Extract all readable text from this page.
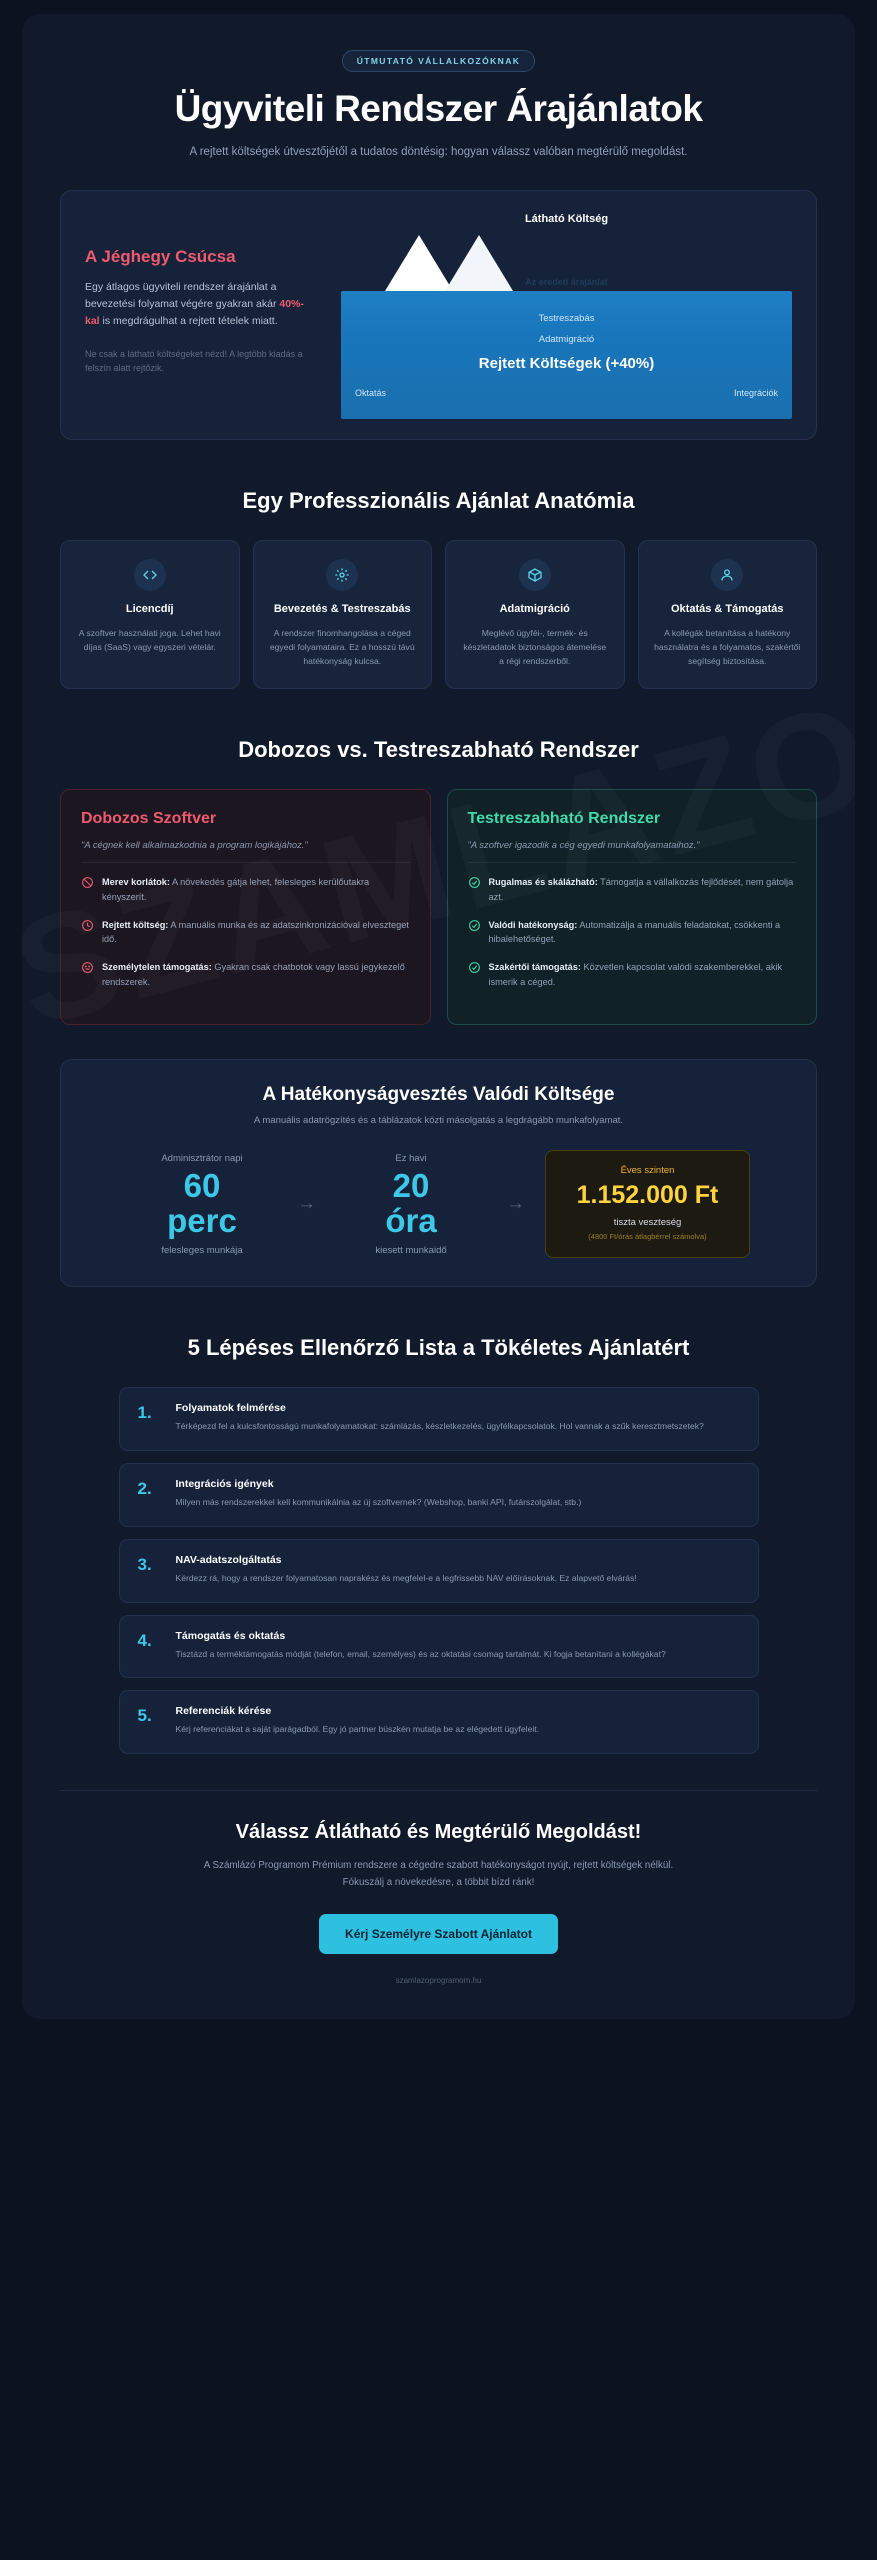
ÚTMUTATÓ VÁLLALKOZÓKNAK
Ügyviteli Rendszer Árajánlatok

A rejtett költségek útvesztőjétől a tudatos döntésig: hogyan válassz valóban megtérülő megoldást.

A Jéghegy Csúcsa

Egy átlagos ügyviteli rendszer árajánlat a bevezetési folyamat végére gyakran akár 40%-kal is megdrágulhat a rejtett tételek miatt.

Ne csak a látható költségeket nézd! A legtöbb kiadás a felszín alatt rejtőzik.

Látható Költség
Az eredeti árajánlat
Testreszabás
Adatmigráció
Rejtett Költségek (+40%)
Oktatás	Integrációk
Egy Professzionális Ajánlat Anatómia
Licencdíj

A szoftver használati joga. Lehet havi díjas (SaaS) vagy egyszeri vételár.

Bevezetés & Testreszabás

A rendszer finomhangolása a céged egyedi folyamataira. Ez a hosszú távú hatékonyság kulcsa.

Adatmigráció

Meglévő ügyféi-, termék- és készletadatok biztonságos átemelése a régi rendszerből.

Oktatás & Támogatás

A kollégák betanítása a hatékony használatra és a folyamatos, szakértői segítség biztosítása.

Dobozos vs. Testreszabható Rendszer
Dobozos Szoftver
"A cégnek kell alkalmazkodnia a program logikájához."
Merev korlátok: A növekedés gátja lehet, felesleges kerülőutakra kényszerít.
Rejtett költség: A manuális munka és az adatszinkronizációval elveszteget idő.
Személytelen támogatás: Gyakran csak chatbotok vagy lassú jegykezelő rendszerek.
Testreszabható Rendszer
"A szoftver igazodik a cég egyedi munkafolyamataihoz."
Rugalmas és skálázható: Támogatja a vállalkozás fejlődését, nem gátolja azt.
Valódi hatékonyság: Automatizálja a manuális feladatokat, csökkenti a hibalehetőséget.
Szakértői támogatás: Közvetlen kapcsolat valódi szakemberekkel, akik ismerik a céged.
A Hatékonyságvesztés Valódi Költsége
A manuális adatrögzítés és a táblázatok közti másolgatás a legdrágább munkafolyamat.
Adminisztrátor napi
60
perc
felesleges munkája
→
Ez havi
20
óra
kiesett munkaidő
→
Éves szinten
1.152.000 Ft
tiszta veszteség
(4800 Ft/órás átlagbérrel számolva)
5 Lépéses Ellenőrző Lista a Tökéletes Ajánlatért
1.	Folyamatok felmérése

Térképezd fel a kulcsfontosságú munkafolyamatokat: számlázás, készletkezelés, ügyfélkapcsolatok. Hol vannak a szűk keresztmetszetek?

2.	Integrációs igények

Milyen más rendszerekkel kell kommunikálnia az új szoftvernek? (Webshop, banki API, futárszolgálat, stb.)

3.	NAV-adatszolgáltatás

Kérdezz rá, hogy a rendszer folyamatosan naprakész és megfelel-e a legfrissebb NAV előírásoknak. Ez alapvető elvárás!

4.	Támogatás és oktatás

Tisztázd a terméktámogatás módját (telefon, email, személyes) és az oktatási csomag tartalmát. Ki fogja betanítani a kollégákat?

5.	Referenciák kérése

Kérj referenciákat a saját iparágadból. Egy jó partner büszkén mutatja be az elégedett ügyfeleit.

Válassz Átlátható és Megtérülő Megoldást!

A Számlázó Programom Prémium rendszere a cégedre szabott hatékonyságot nyújt, rejtett költségek nélkül. Fókuszálj a növekedésre, a többit bízd ránk!

Kérj Személyre Szabott Ajánlatot
szamlazoprogramom.hu
